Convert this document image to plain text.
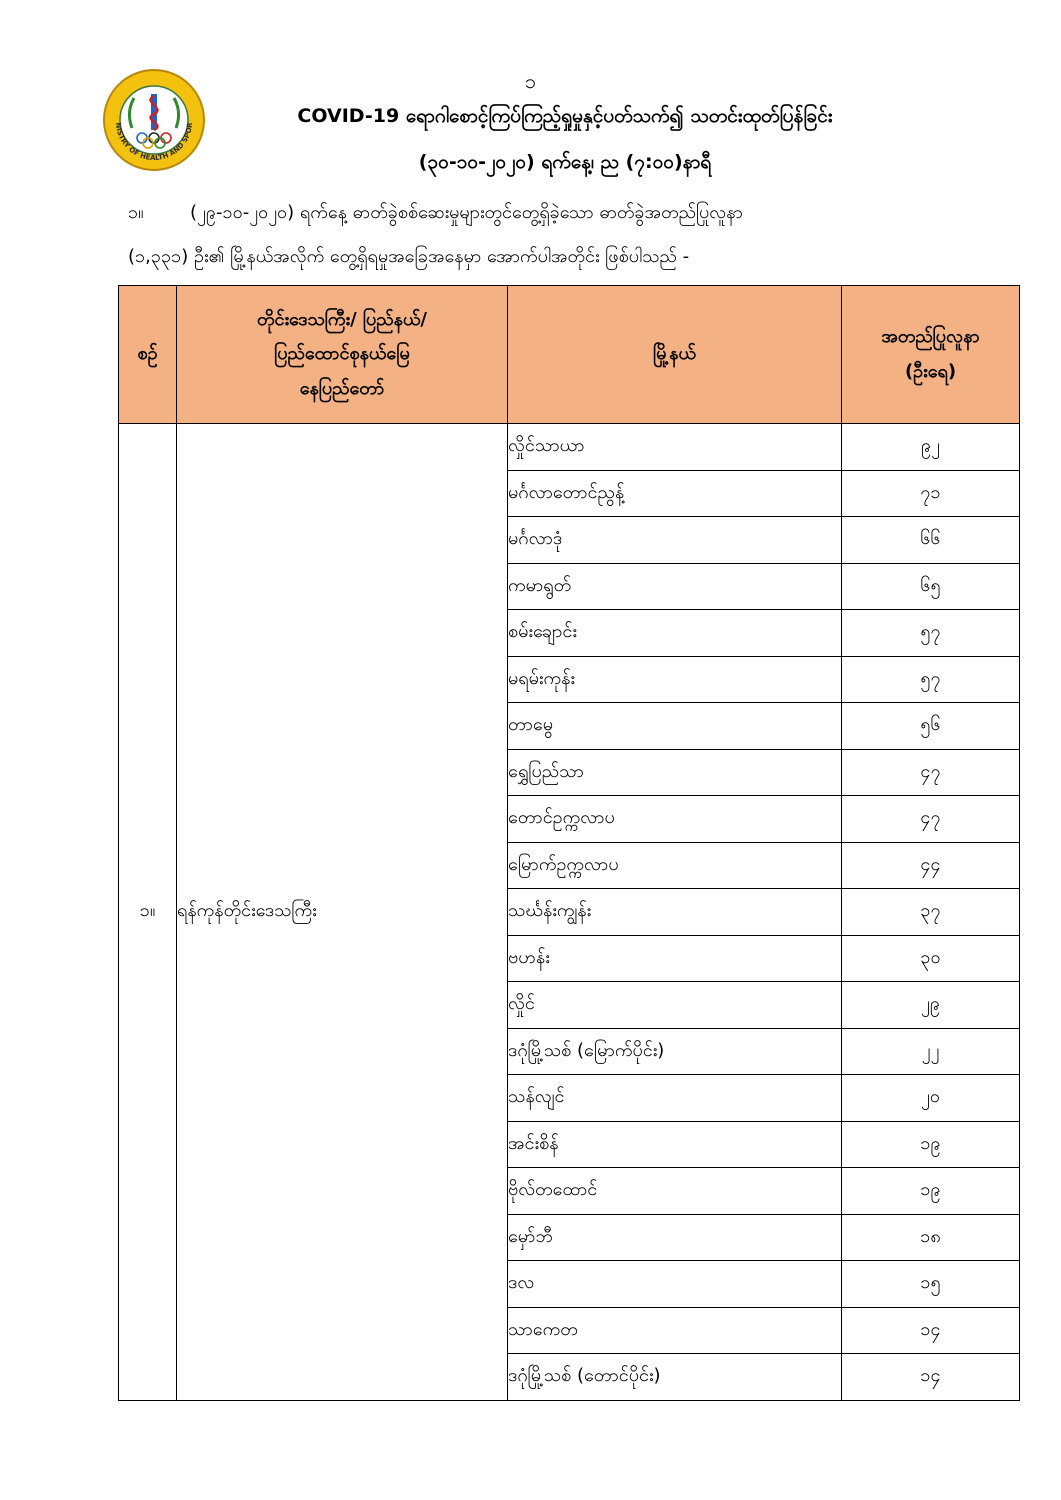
၁
NISTRY OF HEALTH AND SPOR	COVID-19 ရောဂါစောင့်ကြပ်ကြည့်ရှုမှုနှင့်ပတ်သက်၍ သတင်းထုတ်ပြန်ခြင်း
(၃၀-၁၀-၂၀၂၀) ရက်နေ့၊ ည (၇:၀၀)နာရီ
၁။	(၂၉-၁၀-၂၀၂၀) ရက်နေ့ ဓာတ်ခွဲစစ်ဆေးမှုများတွင်တွေ့ရှိခဲ့သော ဓာတ်ခွဲအတည်ပြုလူနာ
(၁,၃၃၁) ဦး၏ မြို့နယ်အလိုက် တွေ့ရှိရမှုအခြေအနေမှာ အောက်ပါအတိုင်း ဖြစ်ပါသည် -
စဉ်	တိုင်းဒေသကြီး/ ပြည်နယ်/
ပြည်ထောင်စုနယ်မြေ
နေပြည်တော်	မြို့နယ်	အတည်ပြုလူနာ
(ဦးရေ)
၁။	ရန်ကုန်တိုင်းဒေသကြီး	လှိုင်သာယာ	၉၂
		မင်္ဂလာတောင်ညွန့်	၇၁
		မင်္ဂလာဒုံ	၆၆
		ကမာရွတ်	၆၅
		စမ်းချောင်း	၅၇
		မရမ်းကုန်း	၅၇
		တာမွေ	၅၆
		ရွှေပြည်သာ	၄၇
		တောင်ဥက္ကလာပ	၄၇
		မြောက်ဥက္ကလာပ	၄၄
		သင်္ဃန်းကျွန်း	၃၇
		ဗဟန်း	၃၀
		လှိုင်	၂၉
		ဒဂုံမြို့သစ် (မြောက်ပိုင်း)	၂၂
		သန်လျင်	၂၀
		အင်းစိန်	၁၉
		ဗိုလ်တထောင်	၁၉
		မှော်ဘီ	၁၈
		ဒလ	၁၅
		သာကေတ	၁၄
		ဒဂုံမြို့သစ် (တောင်ပိုင်း)	၁၄
